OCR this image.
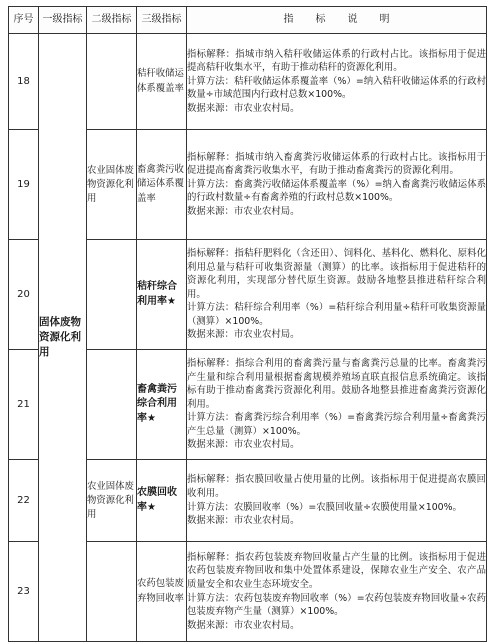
序号	一级指标	二级指标	三级指标	指标说明
18	固体废物资源化利用		秸秆收储运体系覆盖率	指标解释：指城市纳入秸秆收储运体系的行政村占比。该指标用于促进提高秸秆收集水平，有助于推动秸秆的资源化利用。

计算方法：秸秆收储运体系覆盖率（%）=纳入秸秆收储运体系的行政村数量÷市域范围内行政村总数×100%。

数据来源：市农业农村局。

19		农业固体废物资源化利用	畜禽粪污收储运体系覆盖率	指标解释：指城市纳入畜禽粪污收储运体系的行政村占比。该指标用于促进提高畜禽粪污收集水平，有助于推动畜禽粪污的资源化利用。

计算方法：畜禽粪污收储运体系覆盖率（%）=纳入畜禽粪污收储运体系的行政村数量÷有畜禽养殖的行政村总数×100%。

数据来源：市农业农村局。

20			秸秆综合利用率★	指标解释：指秸秆肥料化（含还田）、饲料化、基料化、燃料化、原料化利用总量与秸秆可收集资源量（测算）的比率。该指标用于促进秸秆的资源化利用，实现部分替代原生资源。鼓励各地整县推进秸秆综合利用。

计算方法：秸秆综合利用率（%）=秸秆综合利用量÷秸秆可收集资源量（测算）×100%。

数据来源：市农业农村局。

21			畜禽粪污综合利用率★	指标解释：指综合利用的畜禽粪污量与畜禽粪污总量的比率。畜禽粪污产生量和综合利用量根据畜禽规模养殖场直联直报信息系统确定。该指标有助于推动畜禽粪污资源化利用。鼓励各地整县推进畜禽粪污资源化利用。

计算方法：畜禽粪污综合利用率（%）=畜禽粪污综合利用量÷畜禽粪污产生总量（测算）×100%。

数据来源：市农业农村局。

22		农业固体废物资源化利用	农膜回收率★	指标解释：指农膜回收量占使用量的比例。该指标用于促进提高农膜回收利用。

计算方法：农膜回收率（%）=农膜回收量÷农膜使用量×100%。

数据来源：市农业农村局。

23			农药包装废弃物回收率	指标解释：指农药包装废弃物回收量占产生量的比例。该指标用于促进农药包装废弃物回收和集中处置体系建设，保障农业生产安全、农产品质量安全和农业生态环境安全。

计算方法：农药包装废弃物回收率（%）=农药包装废弃物回收量÷农药包装废弃物产生量（测算）×100%。

数据来源：市农业农村局。
